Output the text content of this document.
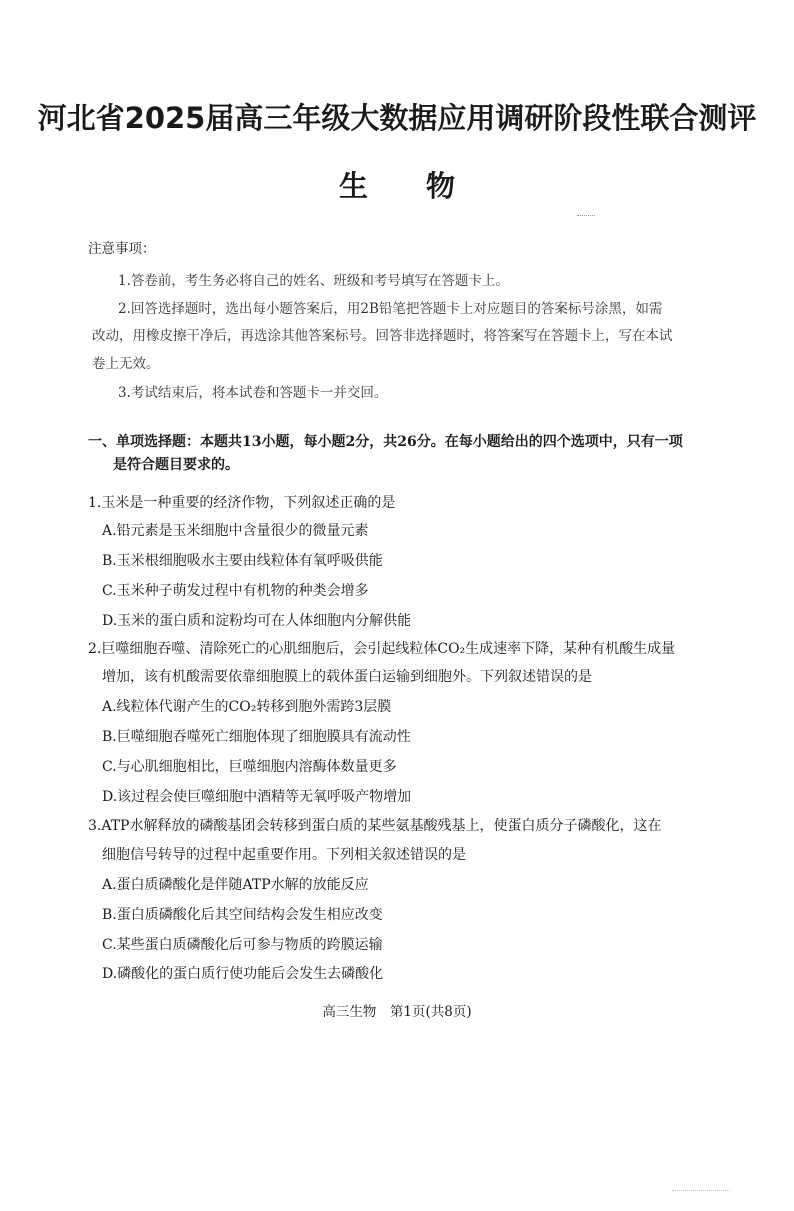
河北省2025届高三年级大数据应用调研阶段性联合测评
生物
注意事项：
1.答卷前，考生务必将自己的姓名、班级和考号填写在答题卡上。
2.回答选择题时，选出每小题答案后，用2B铅笔把答题卡上对应题目的答案标号涂黑，如需
改动，用橡皮擦干净后，再选涂其他答案标号。回答非选择题时，将答案写在答题卡上，写在本试
卷上无效。
3.考试结束后，将本试卷和答题卡一并交回。
一、单项选择题：本题共13小题，每小题2分，共26分。在每小题给出的四个选项中，只有一项
是符合题目要求的。
1.玉米是一种重要的经济作物，下列叙述正确的是
A.铅元素是玉米细胞中含量很少的微量元素
B.玉米根细胞吸水主要由线粒体有氧呼吸供能
C.玉米种子萌发过程中有机物的种类会增多
D.玉米的蛋白质和淀粉均可在人体细胞内分解供能
2.巨噬细胞吞噬、清除死亡的心肌细胞后，会引起线粒体CO₂生成速率下降，某种有机酸生成量
增加，该有机酸需要依靠细胞膜上的载体蛋白运输到细胞外。下列叙述错误的是
A.线粒体代谢产生的CO₂转移到胞外需跨3层膜
B.巨噬细胞吞噬死亡细胞体现了细胞膜具有流动性
C.与心肌细胞相比，巨噬细胞内溶酶体数量更多
D.该过程会使巨噬细胞中酒精等无氧呼吸产物增加
3.ATP水解释放的磷酸基团会转移到蛋白质的某些氨基酸残基上，使蛋白质分子磷酸化，这在
细胞信号转导的过程中起重要作用。下列相关叙述错误的是
A.蛋白质磷酸化是伴随ATP水解的放能反应
B.蛋白质磷酸化后其空间结构会发生相应改变
C.某些蛋白质磷酸化后可参与物质的跨膜运输
D.磷酸化的蛋白质行使功能后会发生去磷酸化
高三生物　第1页(共8页)
